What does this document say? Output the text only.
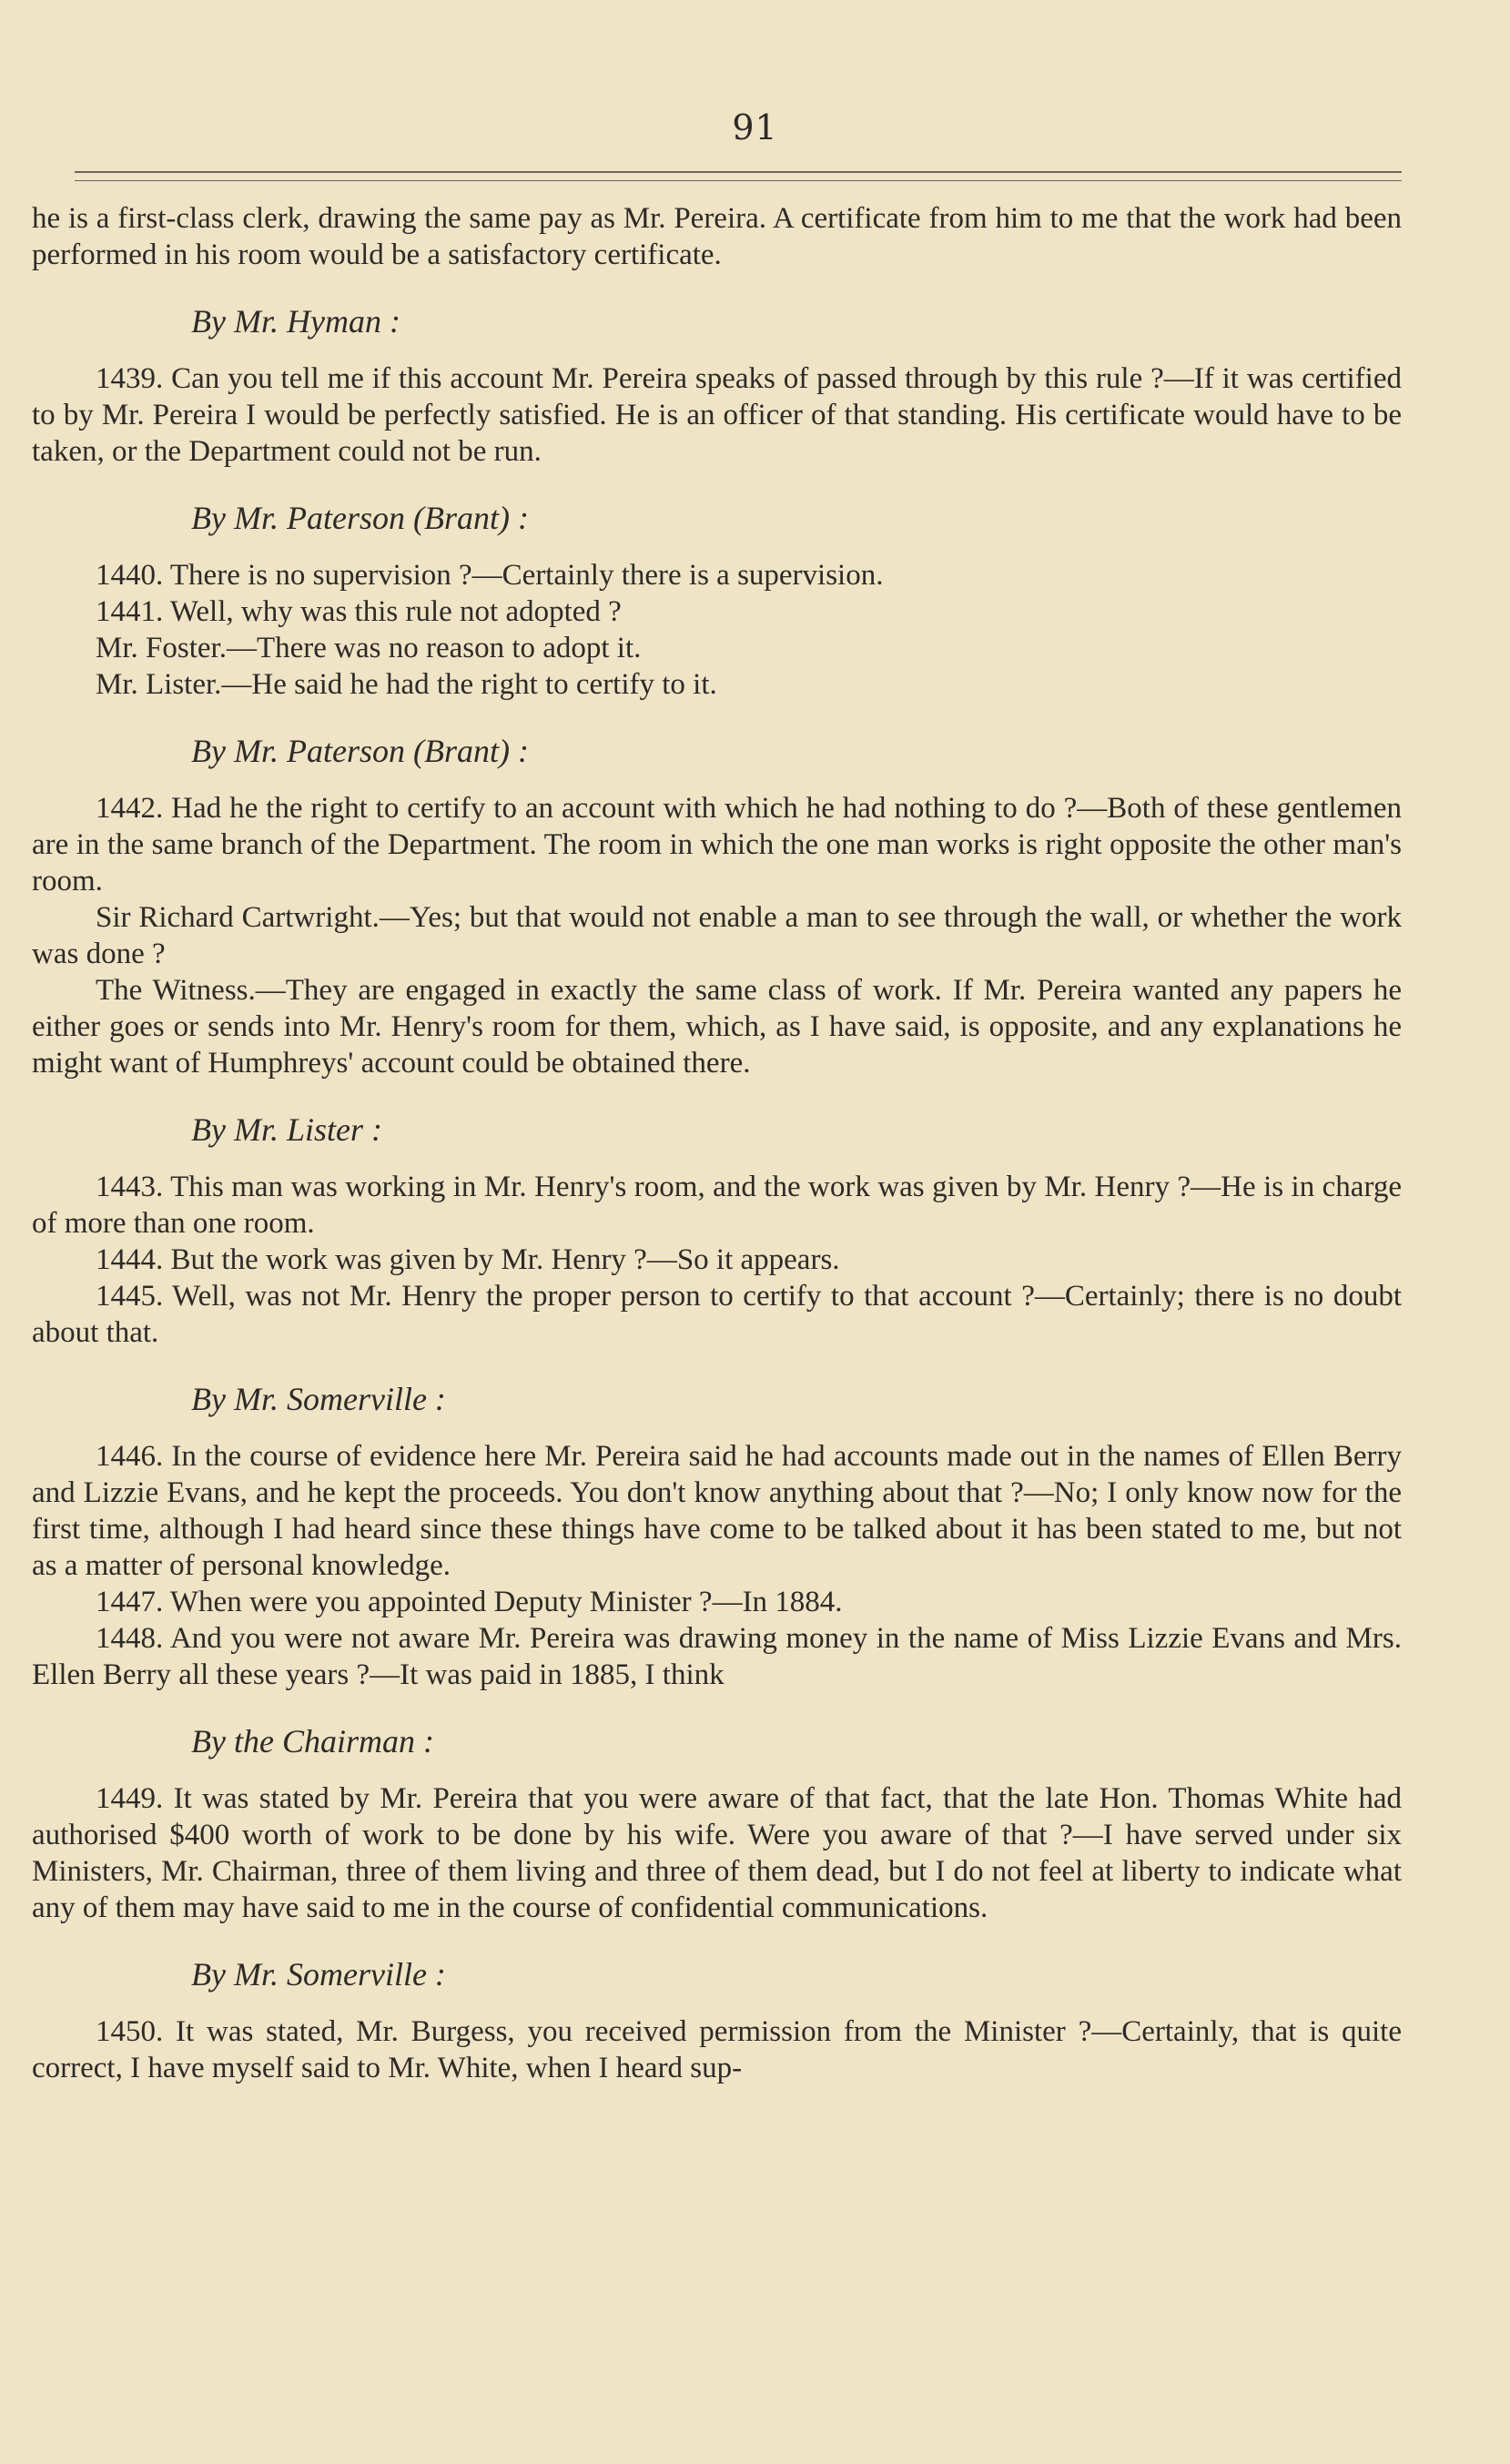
91

he is a first-class clerk, drawing the same pay as Mr. Pereira. A certificate from him to me that the work had been performed in his room would be a satisfactory certificate.

By Mr. Hyman :

1439. Can you tell me if this account Mr. Pereira speaks of passed through by this rule ?—If it was certified to by Mr. Pereira I would be perfectly satisfied. He is an officer of that standing. His certificate would have to be taken, or the Department could not be run.

By Mr. Paterson (Brant) :

1440. There is no supervision ?—Certainly there is a supervision.

1441. Well, why was this rule not adopted ?

Mr. Foster.—There was no reason to adopt it.

Mr. Lister.—He said he had the right to certify to it.

By Mr. Paterson (Brant) :

1442. Had he the right to certify to an account with which he had nothing to do ?—Both of these gentlemen are in the same branch of the Department. The room in which the one man works is right opposite the other man's room.

Sir Richard Cartwright.—Yes; but that would not enable a man to see through the wall, or whether the work was done ?

The Witness.—They are engaged in exactly the same class of work. If Mr. Pereira wanted any papers he either goes or sends into Mr. Henry's room for them, which, as I have said, is opposite, and any explanations he might want of Humphreys' account could be obtained there.

By Mr. Lister :

1443. This man was working in Mr. Henry's room, and the work was given by Mr. Henry ?—He is in charge of more than one room.

1444. But the work was given by Mr. Henry ?—So it appears.

1445. Well, was not Mr. Henry the proper person to certify to that account ?—Certainly; there is no doubt about that.

By Mr. Somerville :

1446. In the course of evidence here Mr. Pereira said he had accounts made out in the names of Ellen Berry and Lizzie Evans, and he kept the proceeds. You don't know anything about that ?—No; I only know now for the first time, although I had heard since these things have come to be talked about it has been stated to me, but not as a matter of personal knowledge.

1447. When were you appointed Deputy Minister ?—In 1884.

1448. And you were not aware Mr. Pereira was drawing money in the name of Miss Lizzie Evans and Mrs. Ellen Berry all these years ?—It was paid in 1885, I think

By the Chairman :

1449. It was stated by Mr. Pereira that you were aware of that fact, that the late Hon. Thomas White had authorised $400 worth of work to be done by his wife. Were you aware of that ?—I have served under six Ministers, Mr. Chairman, three of them living and three of them dead, but I do not feel at liberty to indicate what any of them may have said to me in the course of confidential communications.

By Mr. Somerville :

1450. It was stated, Mr. Burgess, you received permission from the Minister ?—Certainly, that is quite correct, I have myself said to Mr. White, when I heard sup-
